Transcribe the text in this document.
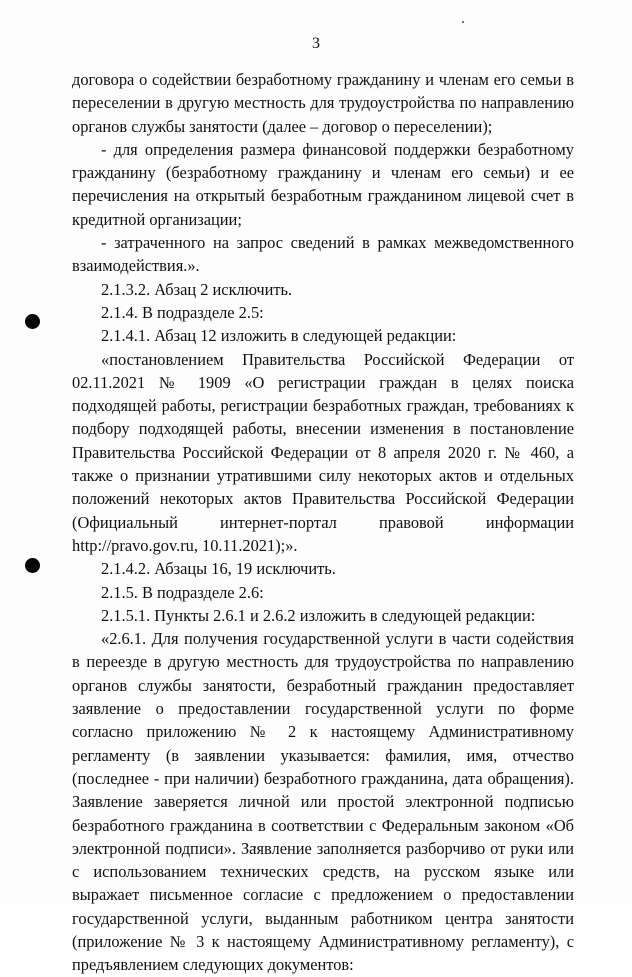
3

договора о содействии безработному гражданину и членам его семьи в переселении в другую местность для трудоустройства по направлению органов службы занятости (далее – договор о переселении);

- для определения размера финансовой поддержки безработному гражданину (безработному гражданину и членам его семьи) и ее перечисления на открытый безработным гражданином лицевой счет в кредитной организации;

- затраченного на запрос сведений в рамках межведомственного взаимодействия.».

2.1.3.2. Абзац 2 исключить.

2.1.4. В подразделе 2.5:

2.1.4.1. Абзац 12 изложить в следующей редакции:

«постановлением Правительства Российской Федерации от 02.11.2021 № 1909 «О регистрации граждан в целях поиска подходящей работы, регистрации безработных граждан, требованиях к подбору подходящей работы, внесении изменения в постановление Правительства Российской Федерации от 8 апреля 2020 г. № 460, а также о признании утратившими силу некоторых актов и отдельных положений некоторых актов Правительства Российской Федерации (Официальный интернет-портал правовой информации http://pravo.gov.ru, 10.11.2021);».

2.1.4.2. Абзацы 16, 19 исключить.

2.1.5. В подразделе 2.6:

2.1.5.1. Пункты 2.6.1 и 2.6.2 изложить в следующей редакции:

«2.6.1. Для получения государственной услуги в части содействия в переезде в другую местность для трудоустройства по направлению органов службы занятости, безработный гражданин предоставляет заявление о предоставлении государственной услуги по форме согласно приложению № 2 к настоящему Административному регламенту (в заявлении указывается: фамилия, имя, отчество (последнее - при наличии) безработного гражданина, дата обращения). Заявление заверяется личной или простой электронной подписью безработного гражданина в соответствии с Федеральным законом «Об электронной подписи». Заявление заполняется разборчиво от руки или с использованием технических средств, на русском языке или выражает письменное согласие с предложением о предоставлении государственной услуги, выданным работником центра занятости (приложение № 3 к настоящему Административному регламенту), с предъявлением следующих документов:
